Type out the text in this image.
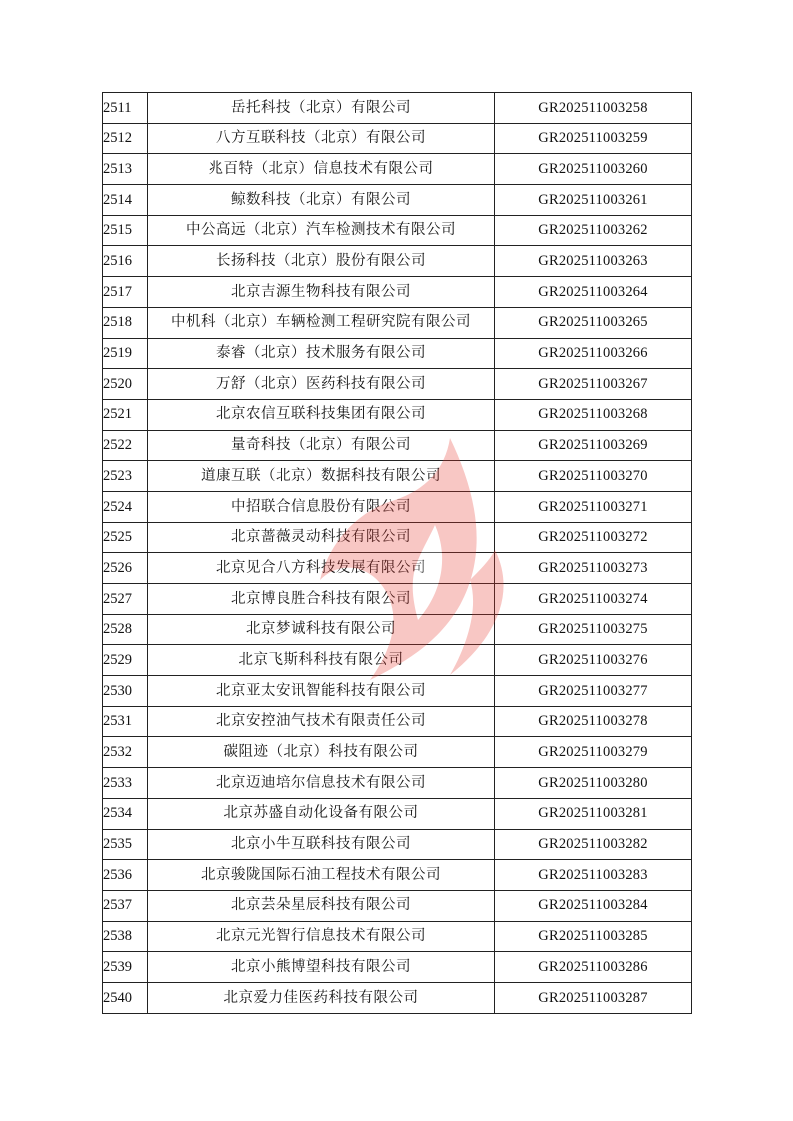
2511	岳托科技（北京）有限公司	GR202511003258
2512	八方互联科技（北京）有限公司	GR202511003259
2513	兆百特（北京）信息技术有限公司	GR202511003260
2514	鲸数科技（北京）有限公司	GR202511003261
2515	中公高远（北京）汽车检测技术有限公司	GR202511003262
2516	长扬科技（北京）股份有限公司	GR202511003263
2517	北京吉源生物科技有限公司	GR202511003264
2518	中机科（北京）车辆检测工程研究院有限公司	GR202511003265
2519	泰睿（北京）技术服务有限公司	GR202511003266
2520	万舒（北京）医药科技有限公司	GR202511003267
2521	北京农信互联科技集团有限公司	GR202511003268
2522	量奇科技（北京）有限公司	GR202511003269
2523	道康互联（北京）数据科技有限公司	GR202511003270
2524	中招联合信息股份有限公司	GR202511003271
2525	北京蔷薇灵动科技有限公司	GR202511003272
2526	北京见合八方科技发展有限公司	GR202511003273
2527	北京博良胜合科技有限公司	GR202511003274
2528	北京梦诚科技有限公司	GR202511003275
2529	北京飞斯科科技有限公司	GR202511003276
2530	北京亚太安讯智能科技有限公司	GR202511003277
2531	北京安控油气技术有限责任公司	GR202511003278
2532	碳阻迹（北京）科技有限公司	GR202511003279
2533	北京迈迪培尔信息技术有限公司	GR202511003280
2534	北京苏盛自动化设备有限公司	GR202511003281
2535	北京小牛互联科技有限公司	GR202511003282
2536	北京骏陇国际石油工程技术有限公司	GR202511003283
2537	北京芸朵星辰科技有限公司	GR202511003284
2538	北京元光智行信息技术有限公司	GR202511003285
2539	北京小熊博望科技有限公司	GR202511003286
2540	北京爱力佳医药科技有限公司	GR202511003287
